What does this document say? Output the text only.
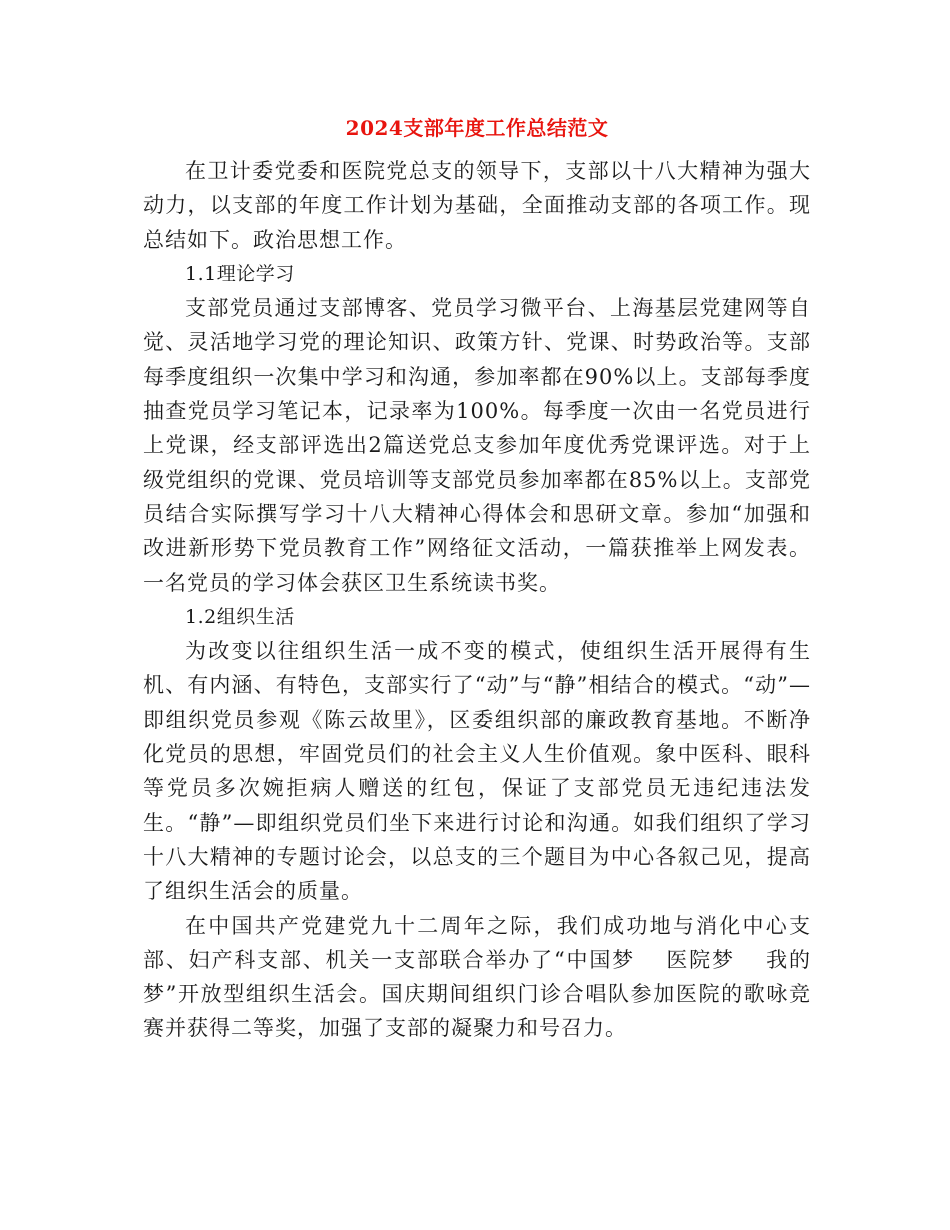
2024支部年度工作总结范文

在卫计委党委和医院党总支的领导下，支部以十八大精神为强大动力，以支部的年度工作计划为基础，全面推动支部的各项工作。现总结如下。政治思想工作。

1.1理论学习

支部党员通过支部博客、党员学习微平台、上海基层党建网等自觉、灵活地学习党的理论知识、政策方针、党课、时势政治等。支部每季度组织一次集中学习和沟通，参加率都在90%以上。支部每季度抽查党员学习笔记本，记录率为100%。每季度一次由一名党员进行上党课，经支部评选出2篇送党总支参加年度优秀党课评选。对于上级党组织的党课、党员培训等支部党员参加率都在85%以上。支部党员结合实际撰写学习十八大精神心得体会和思研文章。参加“加强和改进新形势下党员教育工作”网络征文活动，一篇获推举上网发表。一名党员的学习体会获区卫生系统读书奖。

1.2组织生活

为改变以往组织生活一成不变的模式，使组织生活开展得有生机、有内涵、有特色，支部实行了“动”与“静”相结合的模式。“动”—即组织党员参观《陈云故里》，区委组织部的廉政教育基地。不断净化党员的思想，牢固党员们的社会主义人生价值观。象中医科、眼科等党员多次婉拒病人赠送的红包，保证了支部党员无违纪违法发生。“静”—即组织党员们坐下来进行讨论和沟通。如我们组织了学习十八大精神的专题讨论会，以总支的三个题目为中心各叙己见，提高了组织生活会的质量。

在中国共产党建党九十二周年之际，我们成功地与消化中心支部、妇产科支部、机关一支部联合举办了“中国梦　 医院梦　 我的梦”开放型组织生活会。国庆期间组织门诊合唱队参加医院的歌咏竞赛并获得二等奖，加强了支部的凝聚力和号召力。
